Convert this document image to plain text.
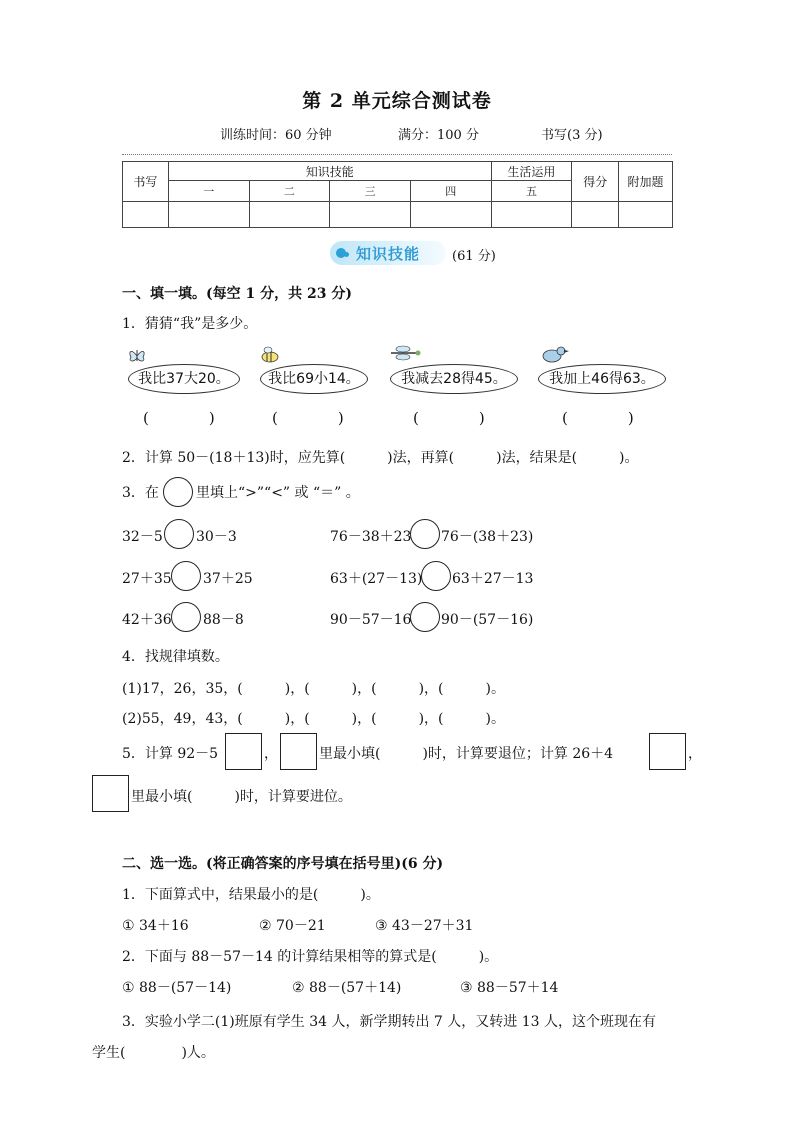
第 2 单元综合测试卷
训练时间：60 分钟	满分：100 分	书写(3 分)
书写	知识技能				生活运用	得分	附加题
	一	二	三	四	五		

知识技能 (61 分)
一、填一填。(每空 1 分，共 23 分)
1．猜猜“我”是多少。
我比37大20。	我比69小14。	我减去28得45。	我加上46得63。
(　　　　)	(　　　　)	(　　　　)	(　　　　)
2．计算 50－(18＋13)时，应先算(　　　)法，再算(　　　)法，结果是(　　　)。
3．在	里填上“>”“<” 或 “＝” 。
32－5 30－3	76－38＋23 76－(38＋23)
27＋35 37＋25	63＋(27－13) 63＋27－13
42＋36 88－8	90－57－16 90－(57－16)
4．找规律填数。
(1)17，26，35，(　　　)，(　　　)，(　　　)，(　　　)。
(2)55，49，43，(　　　)，(　　　)，(　　　)，(　　　)。
5．计算 92－5	，	里最小填(　　　)时，计算要退位；计算 26＋4	，
里最小填(　　　)时，计算要进位。
二、选一选。(将正确答案的序号填在括号里)(6 分)
1．下面算式中，结果最小的是(　　　)。
① 34＋16	② 70－21	③ 43－27＋31
2．下面与 88－57－14 的计算结果相等的算式是(　　　)。
① 88－(57－14)	② 88－(57＋14)	③ 88－57＋14
3．实验小学二(1)班原有学生 34 人，新学期转出 7 人，又转进 13 人，这个班现在有
学生(　　　　)人。
